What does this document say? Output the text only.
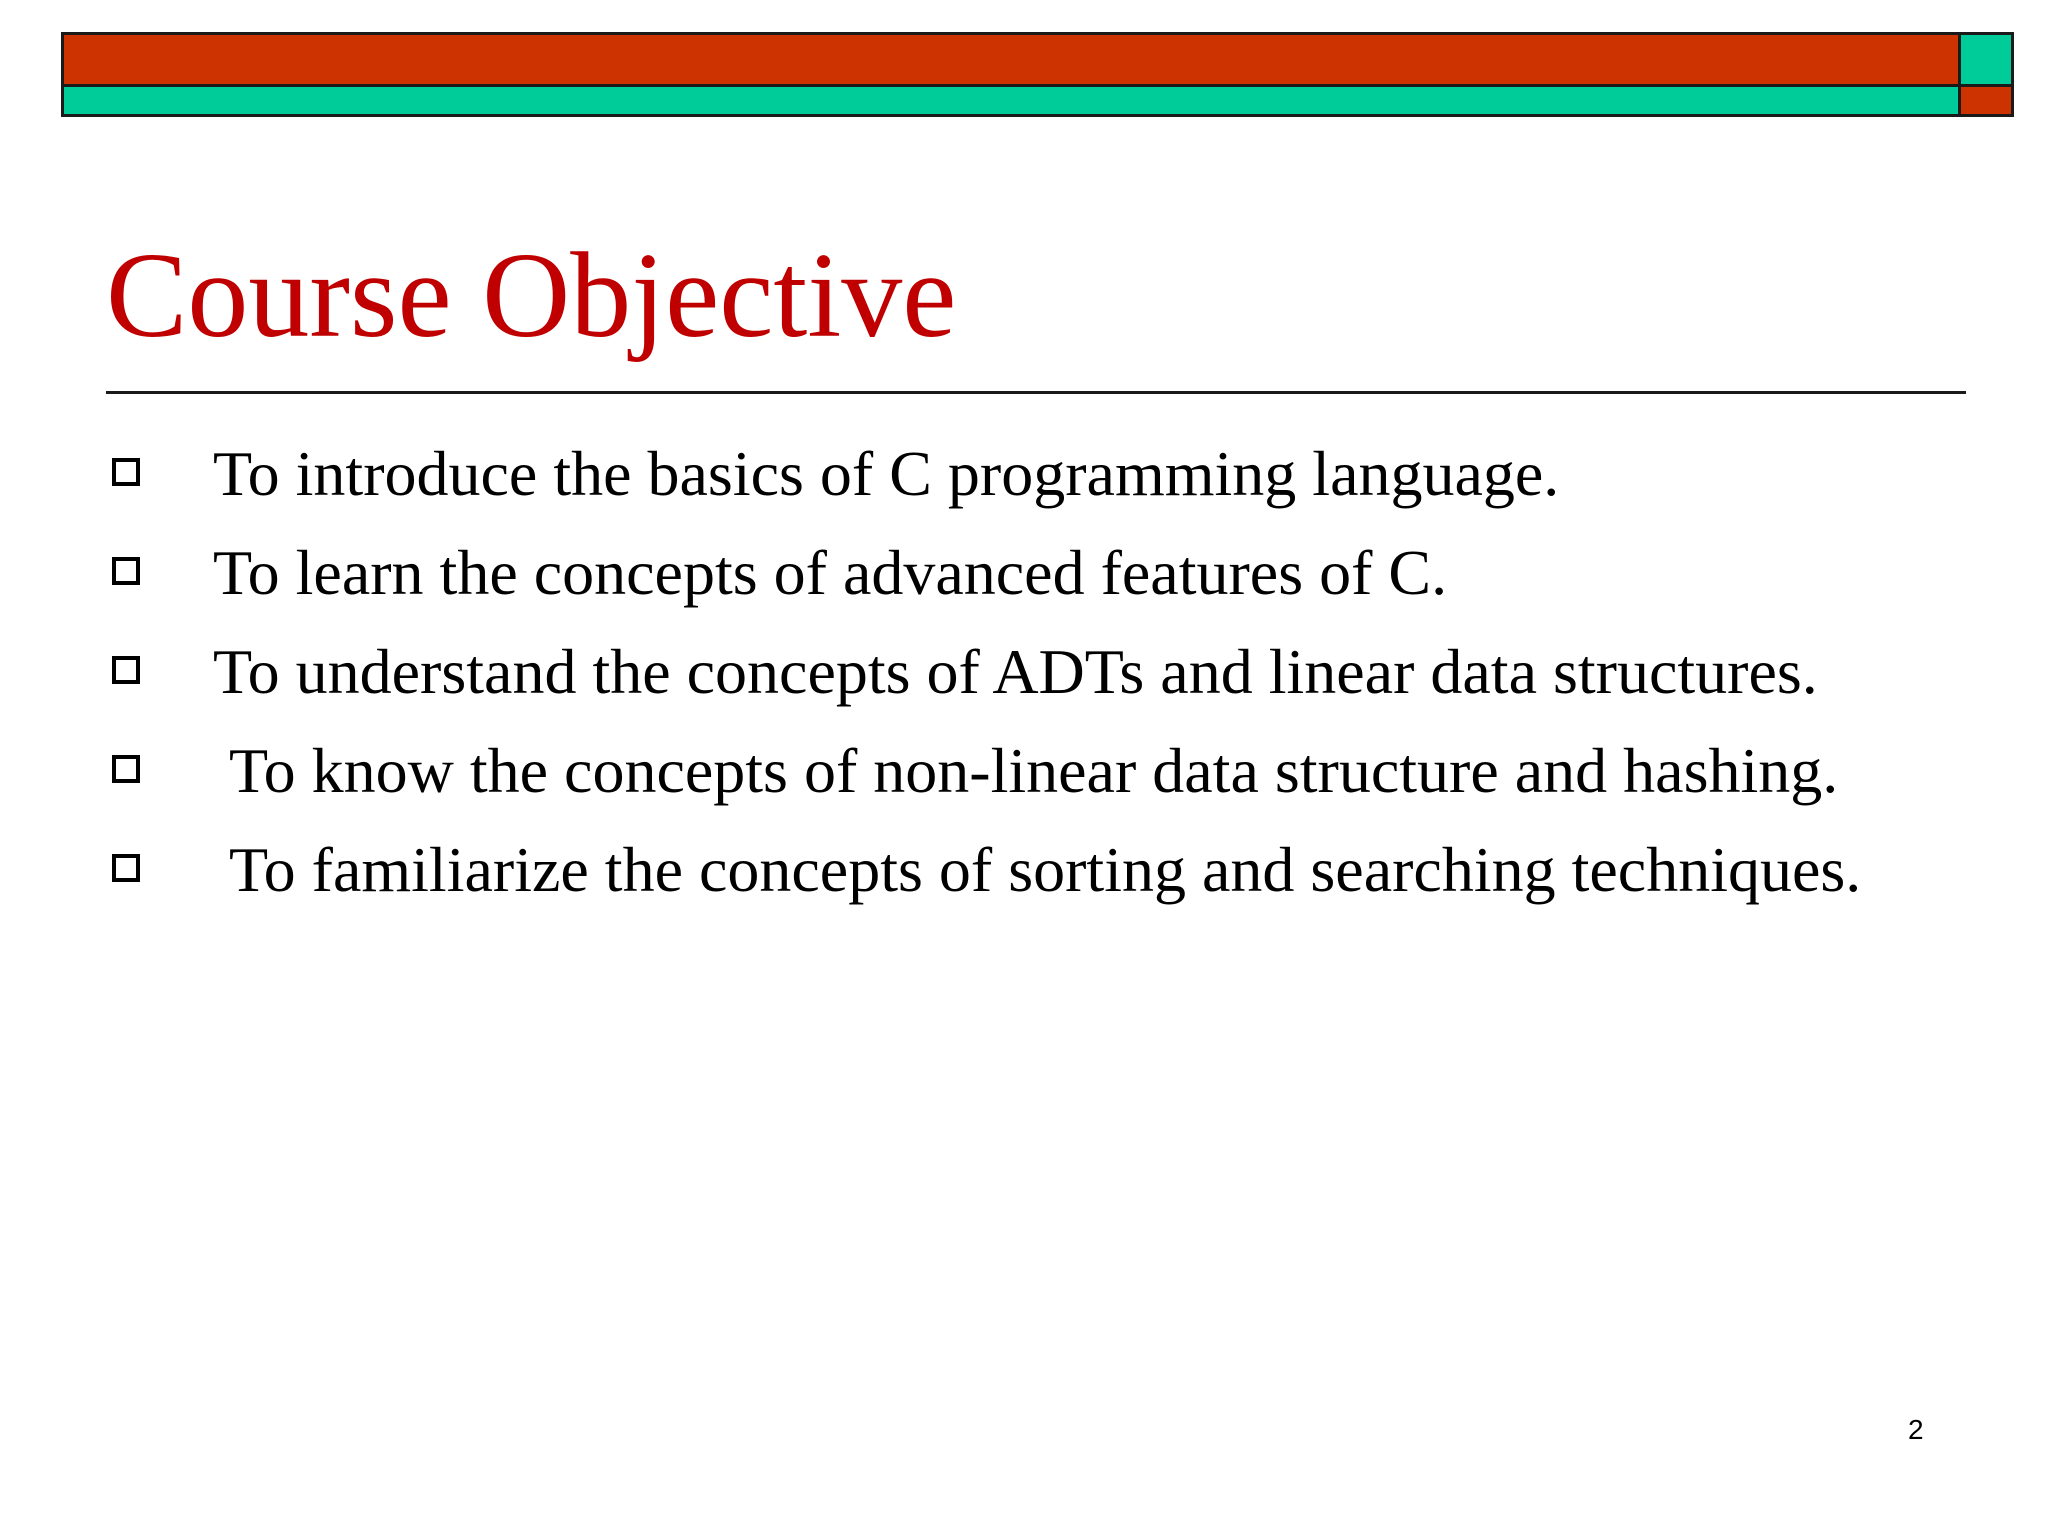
Course Objective
To introduce the basics of C programming language.
To learn the concepts of advanced features of C.
To understand the concepts of ADTs and linear data structures.
To know the concepts of non-linear data structure and hashing.
To familiarize the concepts of sorting and searching techniques.
2
